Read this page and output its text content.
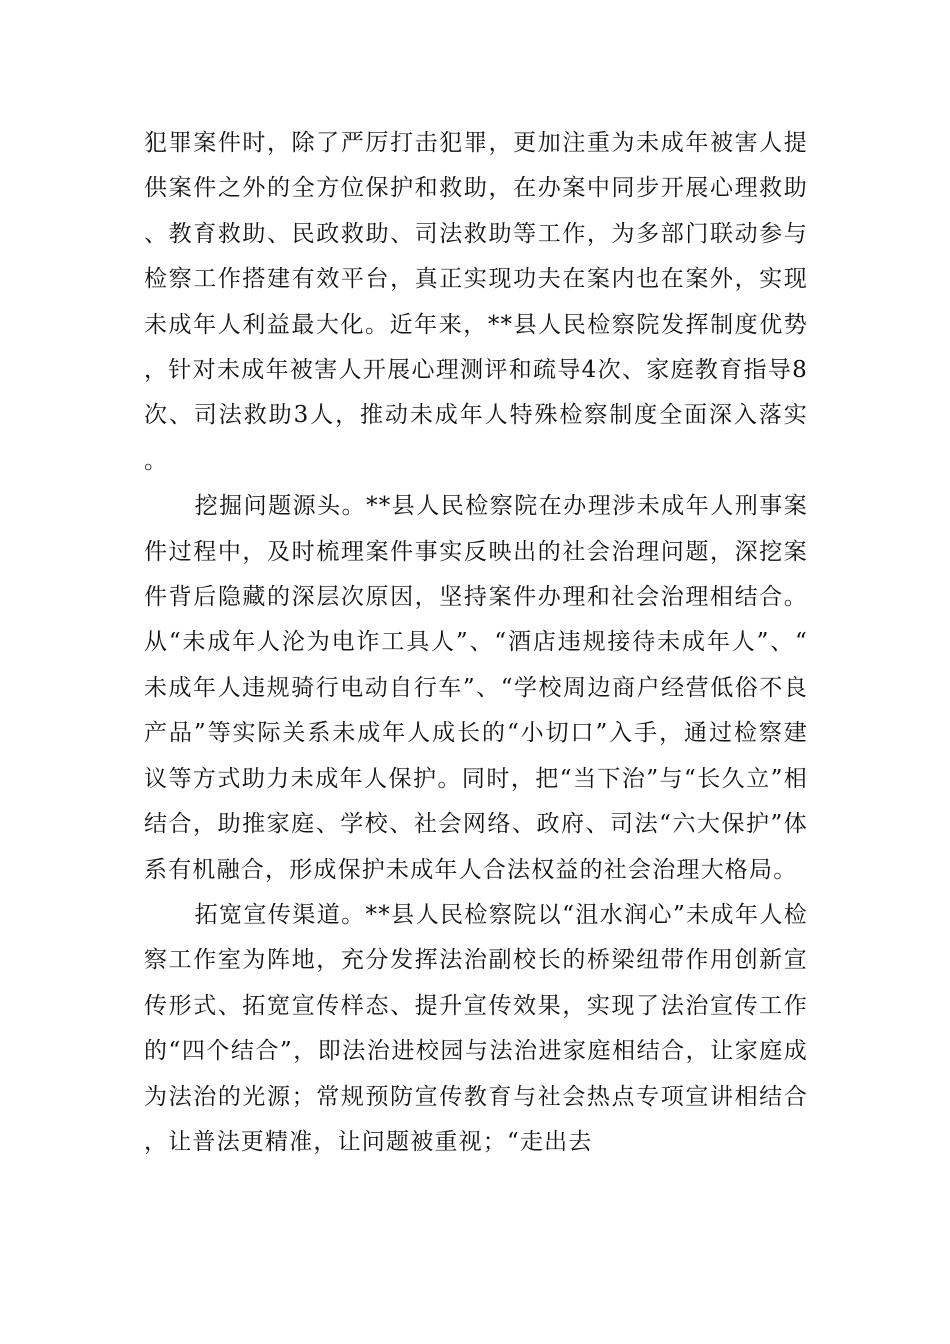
犯罪案件时，除了严厉打击犯罪，更加注重为未成年被害人提供案件之外的全方位保护和救助，在办案中同步开展心理救助、教育救助、民政救助、司法救助等工作，为多部门联动参与检察工作搭建有效平台，真正实现功夫在案内也在案外，实现未成年人利益最大化。近年来，**县人民检察院发挥制度优势，针对未成年被害人开展心理测评和疏导4次、家庭教育指导8次、司法救助3人，推动未成年人特殊检察制度全面深入落实。

挖掘问题源头。**县人民检察院在办理涉未成年人刑事案件过程中，及时梳理案件事实反映出的社会治理问题，深挖案件背后隐藏的深层次原因，坚持案件办理和社会治理相结合。从“未成年人沦为电诈工具人”、“酒店违规接待未成年人”、“未成年人违规骑行电动自行车”、“学校周边商户经营低俗不良产品”等实际关系未成年人成长的“小切口”入手，通过检察建议等方式助力未成年人保护。同时，把“当下治”与“长久立”相结合，助推家庭、学校、社会网络、政府、司法“六大保护”体系有机融合，形成保护未成年人合法权益的社会治理大格局。

拓宽宣传渠道。**县人民检察院以“沮水润心”未成年人检察工作室为阵地，充分发挥法治副校长的桥梁纽带作用创新宣传形式、拓宽宣传样态、提升宣传效果，实现了法治宣传工作的“四个结合”，即法治进校园与法治进家庭相结合，让家庭成为法治的光源；常规预防宣传教育与社会热点专项宣讲相结合，让普法更精准，让问题被重视；“走出去
